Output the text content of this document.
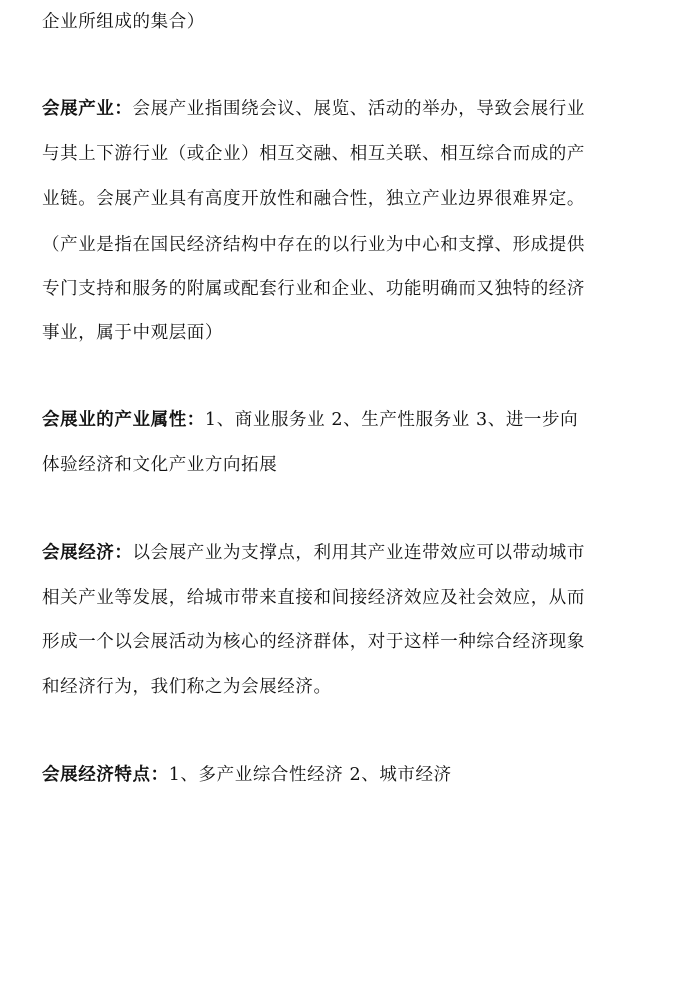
企业所组成的集合）
会展产业：会展产业指围绕会议、展览、活动的举办，导致会展行业
与其上下游行业（或企业）相互交融、相互关联、相互综合而成的产
业链。会展产业具有高度开放性和融合性，独立产业边界很难界定。
（产业是指在国民经济结构中存在的以行业为中心和支撑、形成提供
专门支持和服务的附属或配套行业和企业、功能明确而又独特的经济
事业，属于中观层面）
会展业的产业属性：1、商业服务业 2、生产性服务业 3、进一步向
体验经济和文化产业方向拓展
会展经济：以会展产业为支撑点，利用其产业连带效应可以带动城市
相关产业等发展，给城市带来直接和间接经济效应及社会效应，从而
形成一个以会展活动为核心的经济群体，对于这样一种综合经济现象
和经济行为，我们称之为会展经济。
会展经济特点：1、多产业综合性经济 2、城市经济
